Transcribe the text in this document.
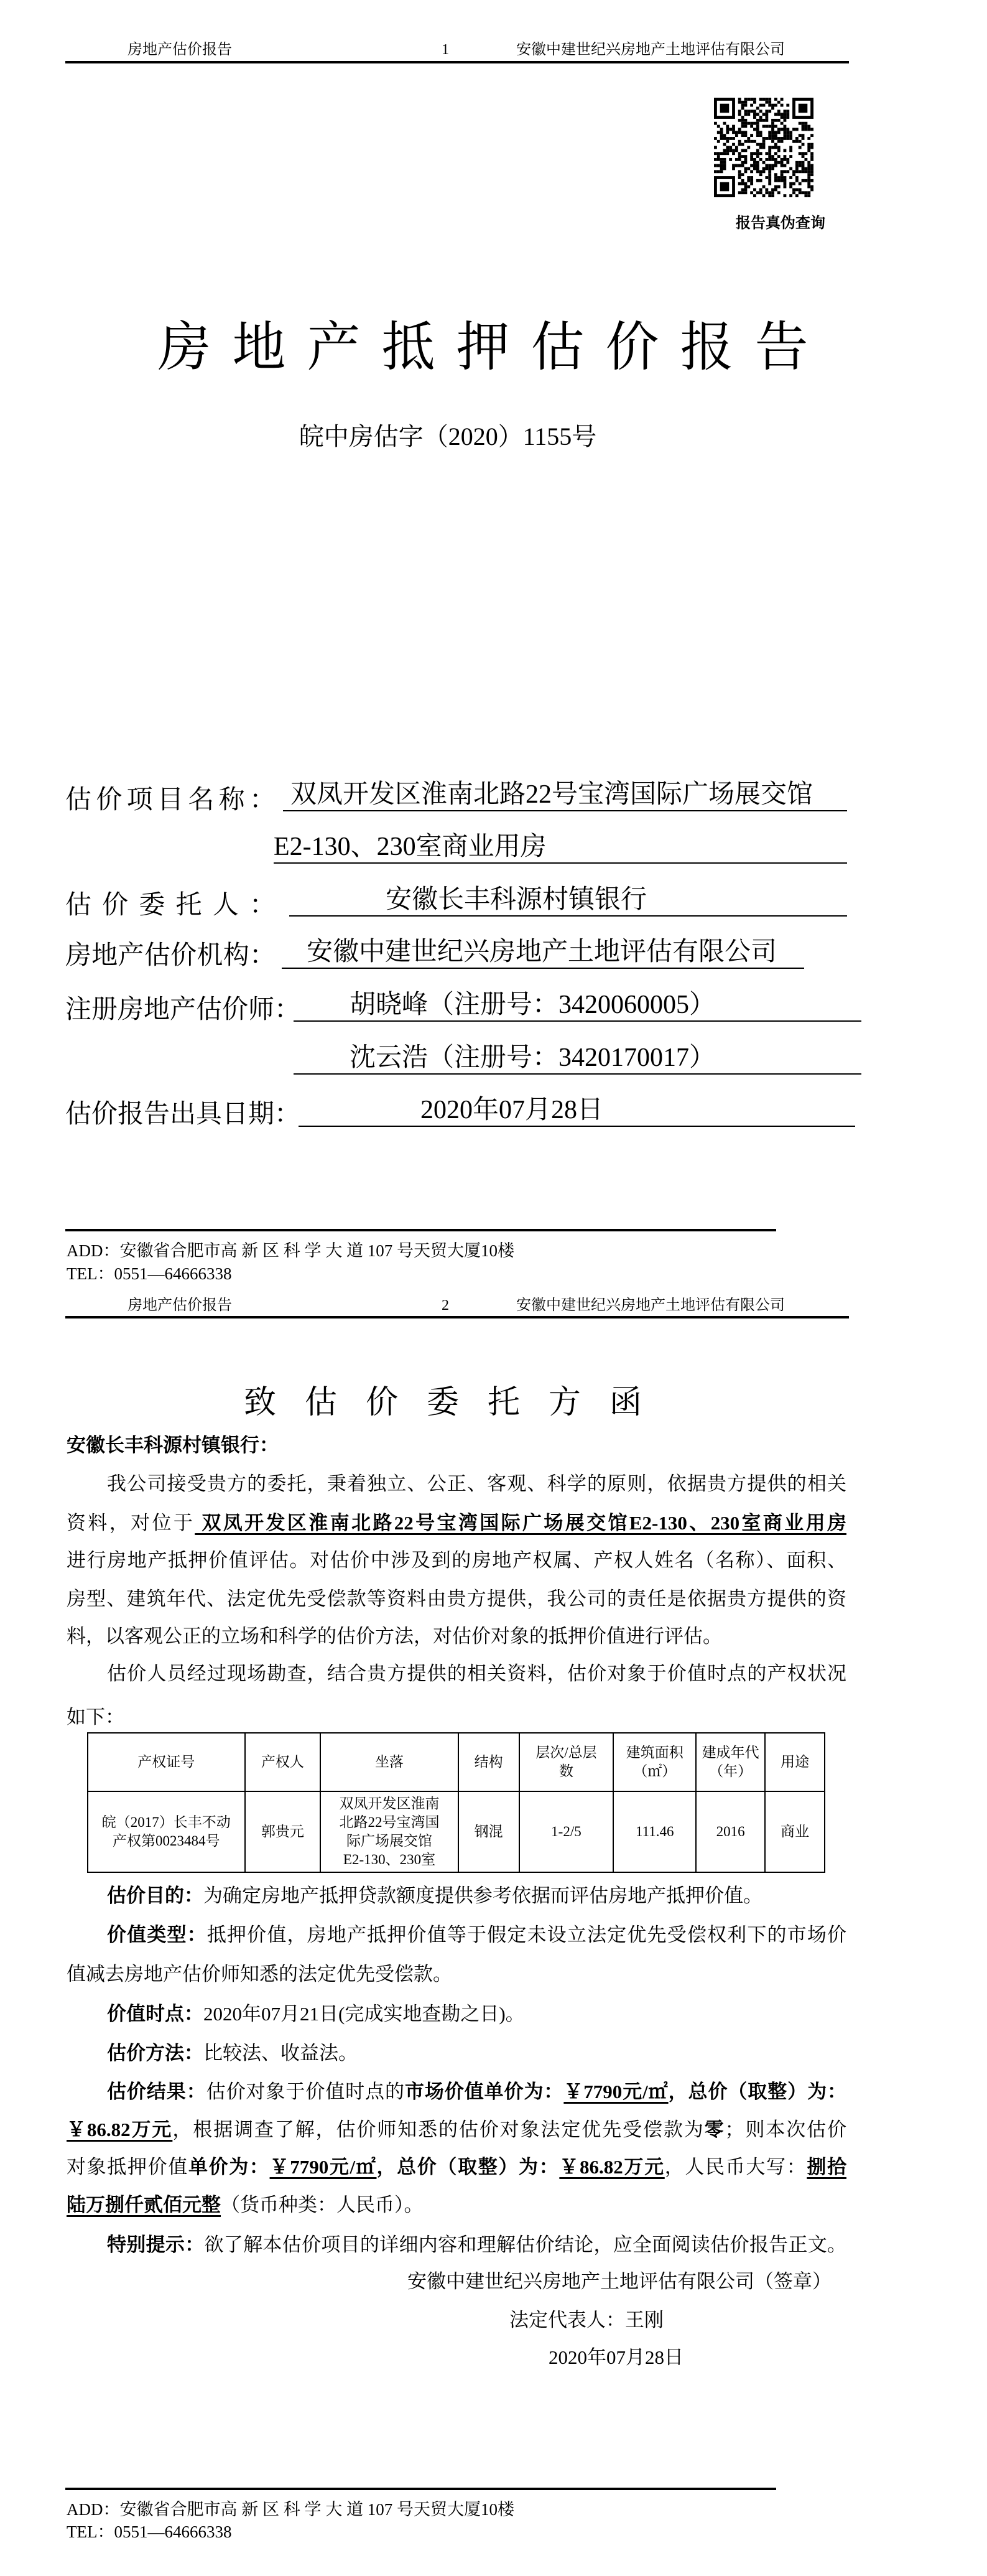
房地产估价报告	1	安徽中建世纪兴房地产土地评估有限公司
报告真伪查询
房地产抵押估价报告
皖中房估字（2020）1155号
估价项目名称： 双凤开发区淮南北路22号宝湾国际广场展交馆
E2-130、230室商业用房
估价委托人：	安徽长丰科源村镇银行
房地产估价机构： 安徽中建世纪兴房地产土地评估有限公司
注册房地产估价师： 胡晓峰（注册号：3420060005）
沈云浩（注册号：3420170017）
估价报告出具日期：	2020年07月28日
ADD：安徽省合肥市高 新 区 科 学 大 道 107 号天贸大厦10楼
TEL：0551—64666338
房地产估价报告	2	安徽中建世纪兴房地产土地评估有限公司
致估价委托方函
安徽长丰科源村镇银行：
我公司接受贵方的委托，秉着独立、公正、客观、科学的原则，依据贵方提供的相关
资料，对位于 双凤开发区淮南北路22号宝湾国际广场展交馆E2-130、230室商业用房
进行房地产抵押价值评估。对估价中涉及到的房地产权属、产权人姓名（名称）、面积、
房型、建筑年代、法定优先受偿款等资料由贵方提供，我公司的责任是依据贵方提供的资
料，以客观公正的立场和科学的估价方法，对估价对象的抵押价值进行评估。
估价人员经过现场勘查，结合贵方提供的相关资料，估价对象于价值时点的产权状况
如下：
产权证号	产权人	坐落	结构	层次/总层数	建筑面积（㎡）	建成年代（年）	用途

皖（2017）长丰不动
产权第0023484号	郭贵元	双凤开发区淮南
北路22号宝湾国
际广场展交馆
E2-130、230室	钢混	1-2/5	111.46	2016	商业
估价目的：为确定房地产抵押贷款额度提供参考依据而评估房地产抵押价值。
价值类型：抵押价值，房地产抵押价值等于假定未设立法定优先受偿权利下的市场价
值减去房地产估价师知悉的法定优先受偿款。
价值时点：2020年07月21日(完成实地查勘之日)。
估价方法：比较法、收益法。
估价结果：估价对象于价值时点的市场价值单价为：￥7790元/㎡，总价（取整）为：
￥86.82万元，根据调查了解，估价师知悉的估价对象法定优先受偿款为零；则本次估价
对象抵押价值单价为：￥7790元/㎡，总价（取整）为：￥86.82万元，人民币大写：捌拾
陆万捌仟贰佰元整（货币种类：人民币）。
特别提示：欲了解本估价项目的详细内容和理解估价结论，应全面阅读估价报告正文。
安徽中建世纪兴房地产土地评估有限公司（签章）
法定代表人：王刚
2020年07月28日
ADD：安徽省合肥市高 新 区 科 学 大 道 107 号天贸大厦10楼
TEL：0551—64666338
